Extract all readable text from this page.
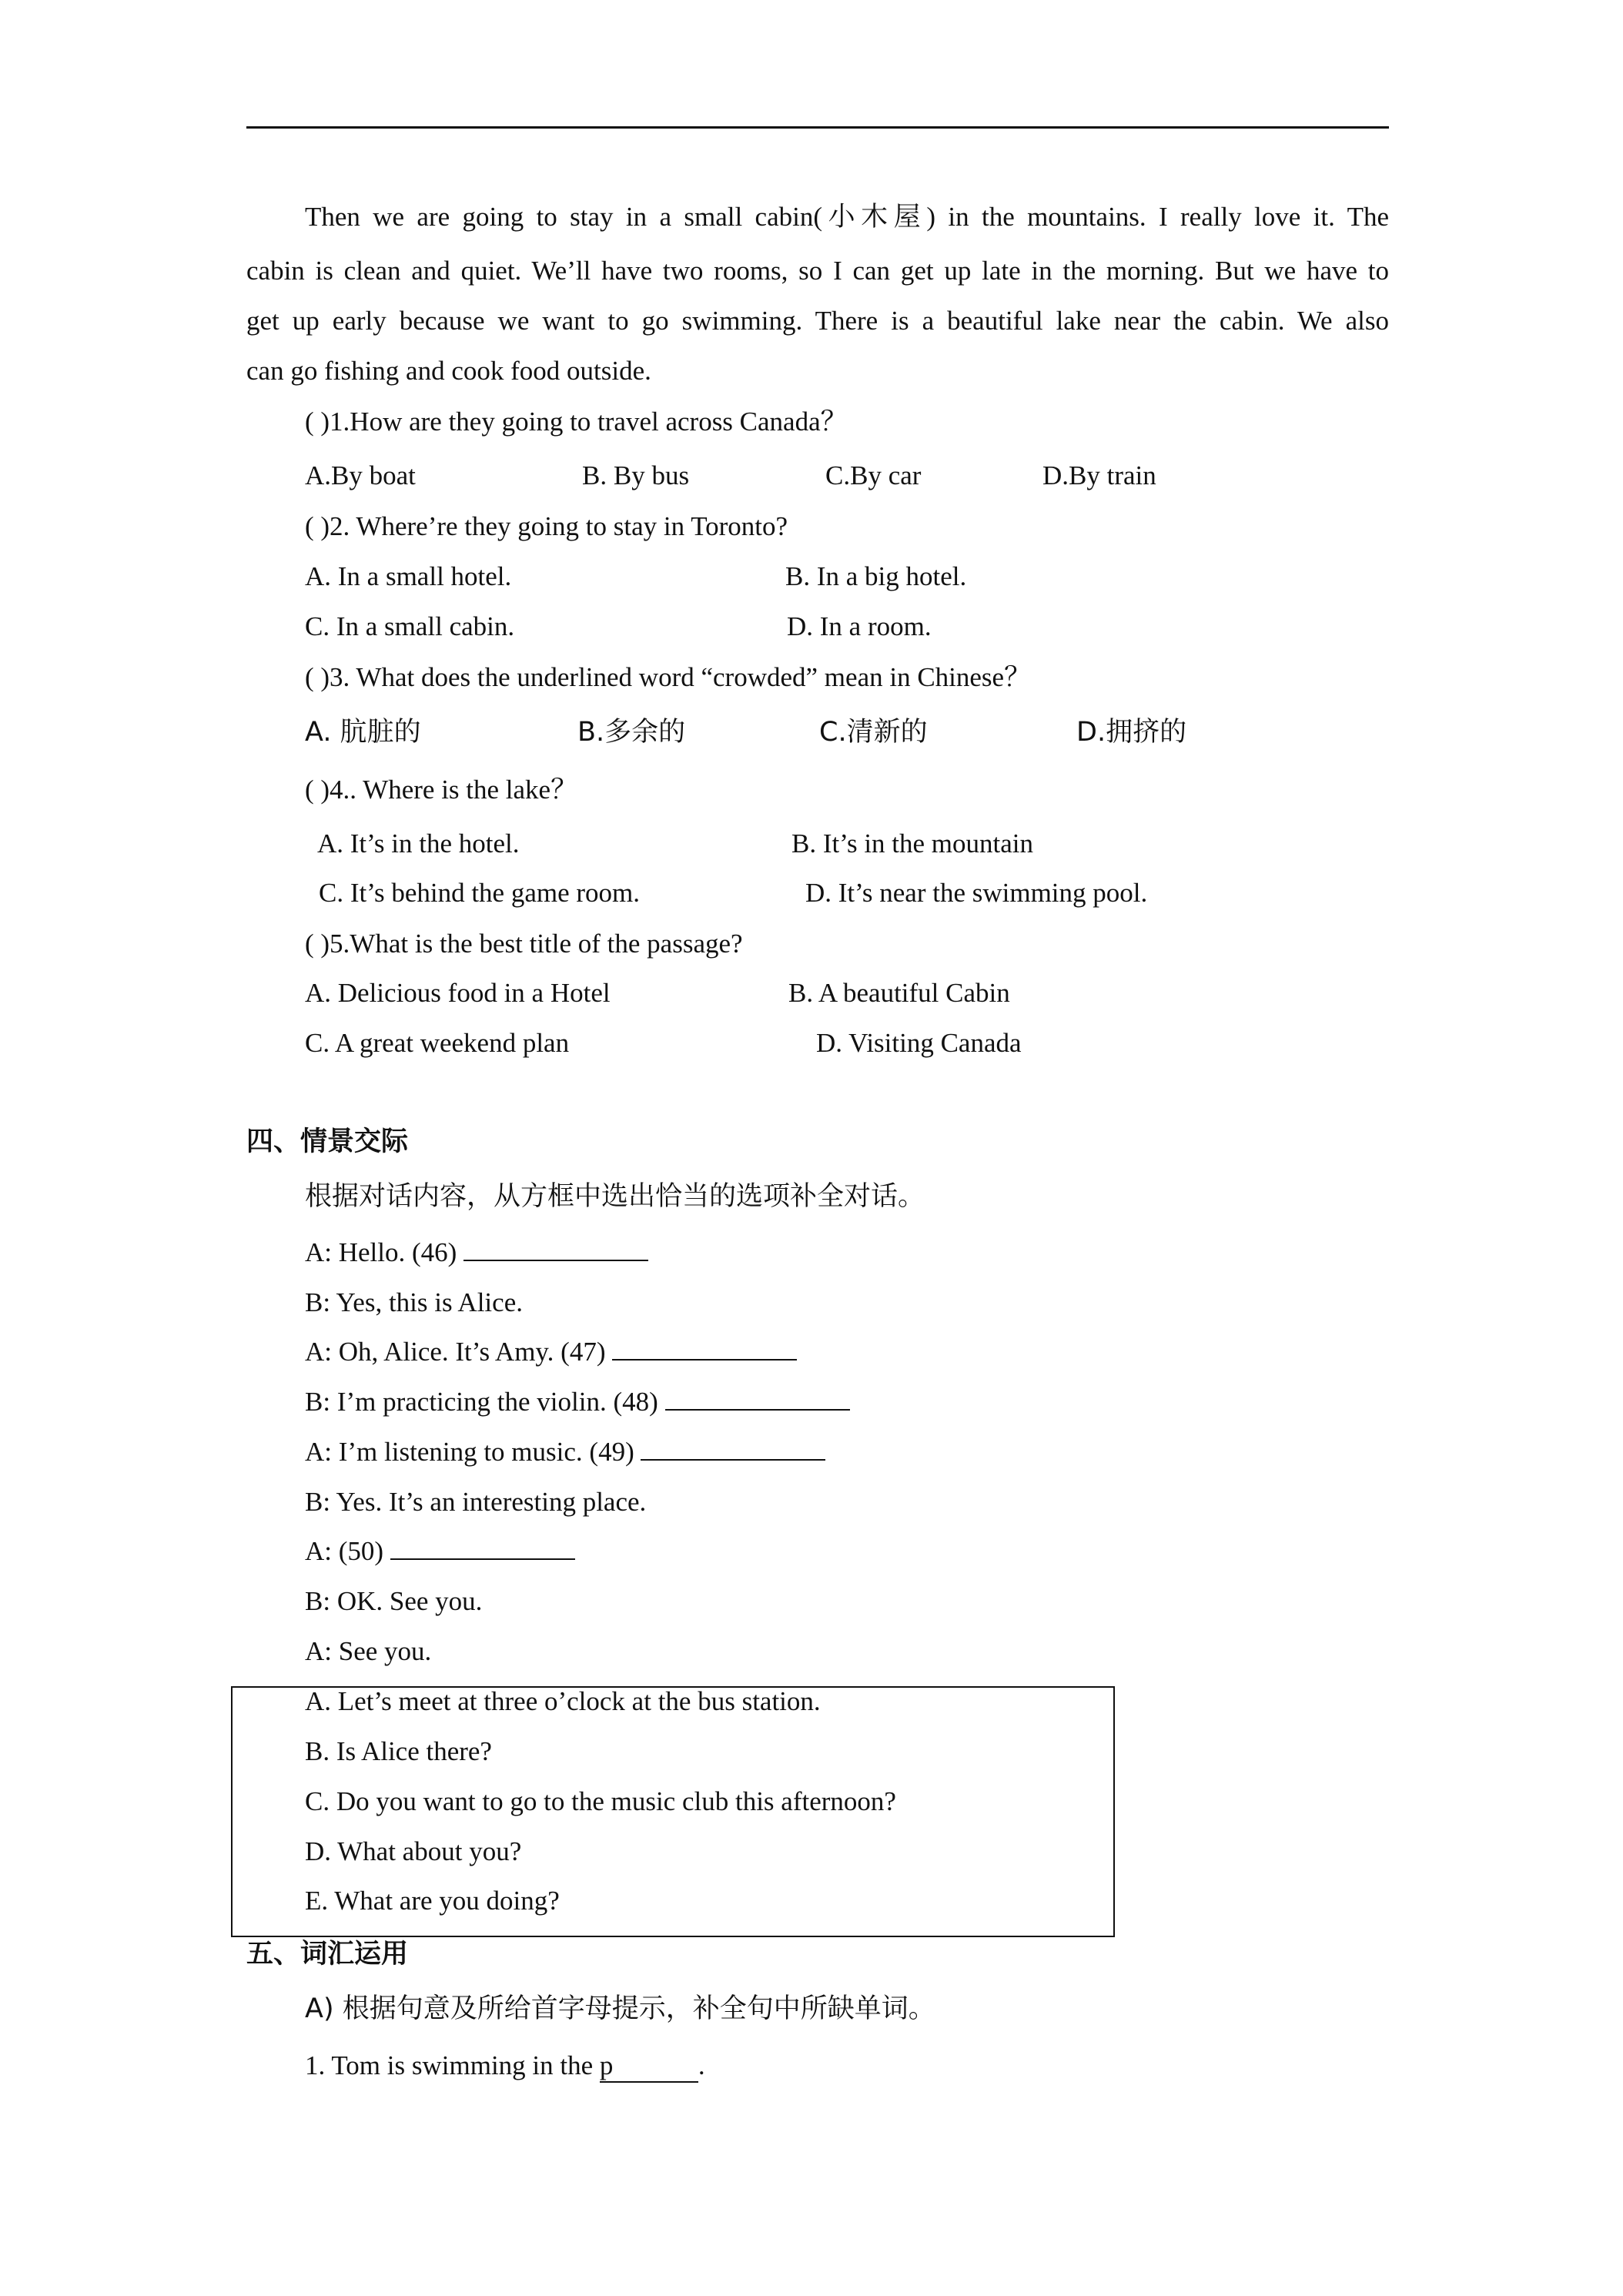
Then we are going to stay in a small cabin(小木屋) in the mountains. I really love it. The
cabin is clean and quiet. We’ll have two rooms, so I can get up late in the morning. But we have to
get up early because we want to go swimming. There is a beautiful lake near the cabin. We also
can go fishing and cook food outside.
( )1.How are they going to travel across Canada？
A.By boat	B. By bus	C.By car	D.By train
( )2. Where’re they going to stay in Toronto?
A. In a small hotel.	B. In a big hotel.
C. In a small cabin.	D. In a room.
( )3. What does the underlined word “crowded” mean in Chinese？
A. 肮脏的	B.多余的	C.清新的	D.拥挤的
( )4.. Where is the lake？
A. It’s in the hotel.	B. It’s in the mountain
C. It’s behind the game room.	D. It’s near the swimming pool.
( )5.What is the best title of the passage?
A. Delicious food in a Hotel	B. A beautiful Cabin
C. A great weekend plan	D. Visiting Canada
四、情景交际
根据对话内容，从方框中选出恰当的选项补全对话。
A: Hello. (46)
B: Yes, this is Alice.
A: Oh, Alice. It’s Amy. (47)
B: I’m practicing the violin. (48)
A: I’m listening to music. (49)
B: Yes. It’s an interesting place.
A: (50)
B: OK. See you.
A: See you.
A. Let’s meet at three o’clock at the bus station.
B. Is Alice there?
C. Do you want to go to the music club this afternoon?
D. What about you?
E. What are you doing?
五、词汇运用
A) 根据句意及所给首字母提示，补全句中所缺单词。
1. Tom is swimming in the p	.
